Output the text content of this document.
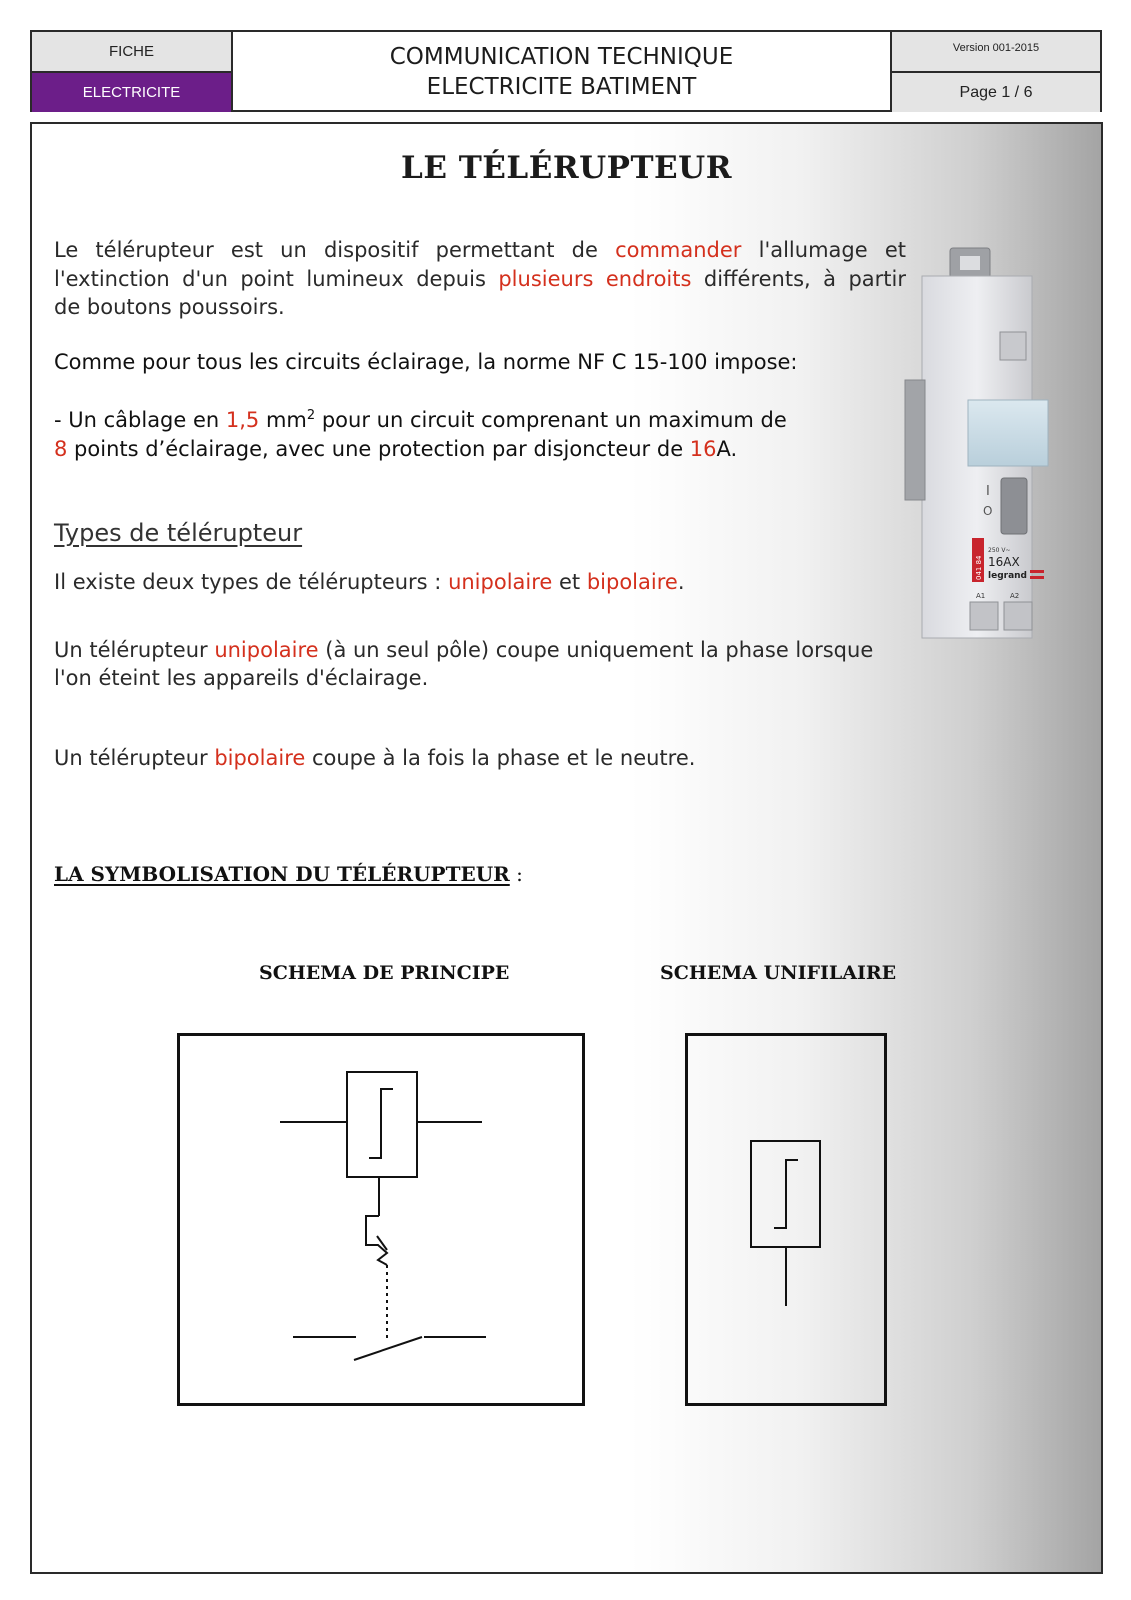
FICHE
ELECTRICITE
COMMUNICATION TECHNIQUE
ELECTRICITE BATIMENT
Version 001-2015
Page 1 / 6
LE TÉLÉRUPTEUR
Le télérupteur est un dispositif permettant de commander l'allumage et
l'extinction d'un point lumineux depuis plusieurs endroits différents, à partir
de boutons poussoirs.
Comme pour tous les circuits éclairage, la norme NF C 15-100 impose:
- Un câblage en 1,5 $mm^2$ pour un circuit comprenant un maximum de
8 points d’éclairage, avec une protection par disjoncteur de 16A.
Types de télérupteur
Il existe deux types de télérupteurs : unipolaire et bipolaire.
Un télérupteur unipolaire (à un seul pôle) coupe uniquement la phase lorsque
l'on éteint les appareils d'éclairage.
Un télérupteur bipolaire coupe à la fois la phase et le neutre.
LA SYMBOLISATION DU TÉLÉRUPTEUR :
SCHEMA DE PRINCIPE	SCHEMA UNIFILAIRE
I
O
041 84
250 V~
16AX
legrand
A1	A2
